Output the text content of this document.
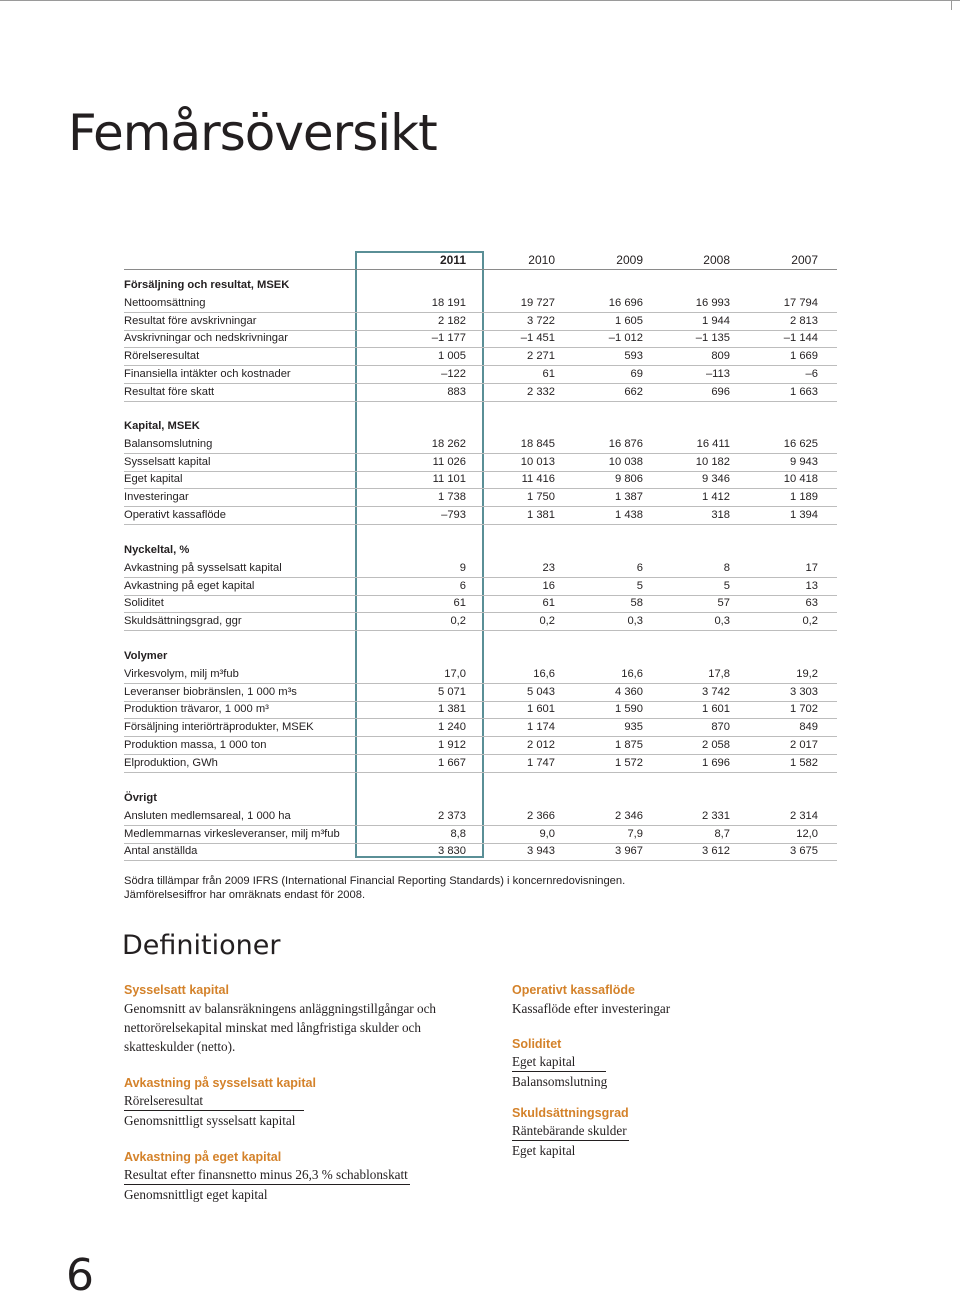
Femårsöversikt
2011	2010	2009	2008	2007
Försäljning och resultat, MSEK
Nettoomsättning	18 191	19 727	16 696	16 993	17 794
Resultat före avskrivningar	2 182	3 722	1 605	1 944	2 813
Avskrivningar och nedskrivningar	–1 177	–1 451	–1 012	–1 135	–1 144
Rörelseresultat	1 005	2 271	593	809	1 669
Finansiella intäkter och kostnader	–122	61	69	–113	–6
Resultat före skatt	883	2 332	662	696	1 663
Kapital, MSEK
Balansomslutning	18 262	18 845	16 876	16 411	16 625
Sysselsatt kapital	11 026	10 013	10 038	10 182	9 943
Eget kapital	11 101	11 416	9 806	9 346	10 418
Investeringar	1 738	1 750	1 387	1 412	1 189
Operativt kassaflöde	–793	1 381	1 438	318	1 394
Nyckeltal, %
Avkastning på sysselsatt kapital	9	23	6	8	17
Avkastning på eget kapital	6	16	5	5	13
Soliditet	61	61	58	57	63
Skuldsättningsgrad, ggr	0,2	0,2	0,3	0,3	0,2
Volymer
Virkesvolym, milj m³fub	17,0	16,6	16,6	17,8	19,2
Leveranser biobränslen, 1 000 m³s	5 071	5 043	4 360	3 742	3 303
Produktion trävaror, 1 000 m³	1 381	1 601	1 590	1 601	1 702
Försäljning interiörträprodukter, MSEK	1 240	1 174	935	870	849
Produktion massa, 1 000 ton	1 912	2 012	1 875	2 058	2 017
Elproduktion, GWh	1 667	1 747	1 572	1 696	1 582
Övrigt
Ansluten medlemsareal, 1 000 ha	2 373	2 366	2 346	2 331	2 314
Medlemmarnas virkesleveranser, milj m³fub	8,8	9,0	7,9	8,7	12,0
Antal anställda	3 830	3 943	3 967	3 612	3 675
Södra tillämpar från 2009 IFRS (International Financial Reporting Standards) i koncernredovisningen.
Jämförelsesiffror har omräknats endast för 2008.
Definitioner
Sysselsatt kapital
Genomsnitt av balansräkningens anläggningstillgångar och nettorörelsekapital minskat med långfristiga skulder och skatteskulder (netto).
Avkastning på sysselsatt kapital
Rörelseresultat
Genomsnittligt sysselsatt kapital
Avkastning på eget kapital
Resultat efter finansnetto minus 26,3 % schablonskatt
Genomsnittligt eget kapital
Operativt kassaflöde
Kassaflöde efter investeringar
Soliditet
Eget kapital
Balansomslutning
Skuldsättningsgrad
Räntebärande skulder
Eget kapital
6
